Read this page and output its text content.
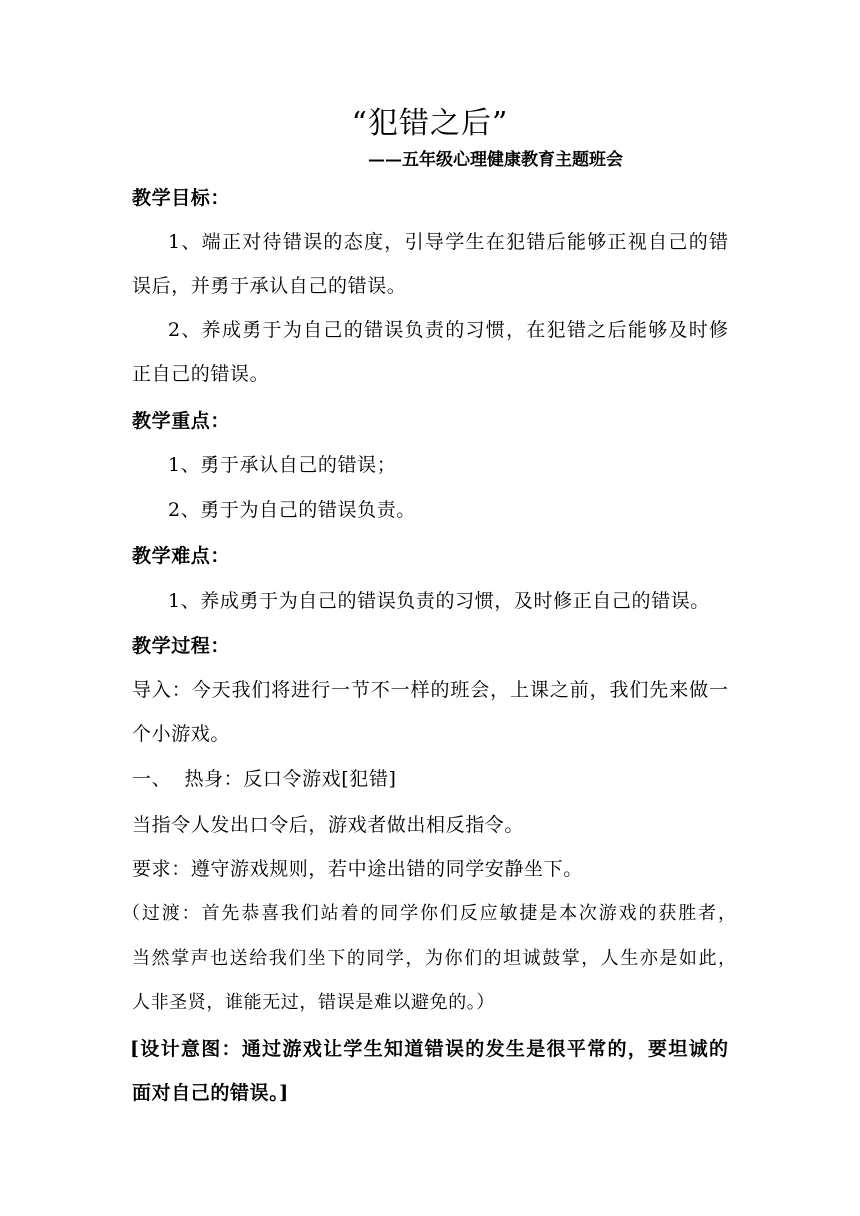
“犯错之后”
——五年级心理健康教育主题班会
教学目标：
1、端正对待错误的态度，引导学生在犯错后能够正视自己的错
误后，并勇于承认自己的错误。
2、养成勇于为自己的错误负责的习惯，在犯错之后能够及时修
正自己的错误。
教学重点：
1、勇于承认自己的错误；
2、勇于为自己的错误负责。
教学难点：
1、养成勇于为自己的错误负责的习惯，及时修正自己的错误。
教学过程：
导入：今天我们将进行一节不一样的班会，上课之前，我们先来做一
个小游戏。
一、  热身：反口令游戏[犯错]
当指令人发出口令后，游戏者做出相反指令。
要求：遵守游戏规则，若中途出错的同学安静坐下。
（过渡：首先恭喜我们站着的同学你们反应敏捷是本次游戏的获胜者，
当然掌声也送给我们坐下的同学，为你们的坦诚鼓掌，人生亦是如此，
人非圣贤，谁能无过，错误是难以避免的。）
[设计意图：通过游戏让学生知道错误的发生是很平常的，要坦诚的
面对自己的错误。]
